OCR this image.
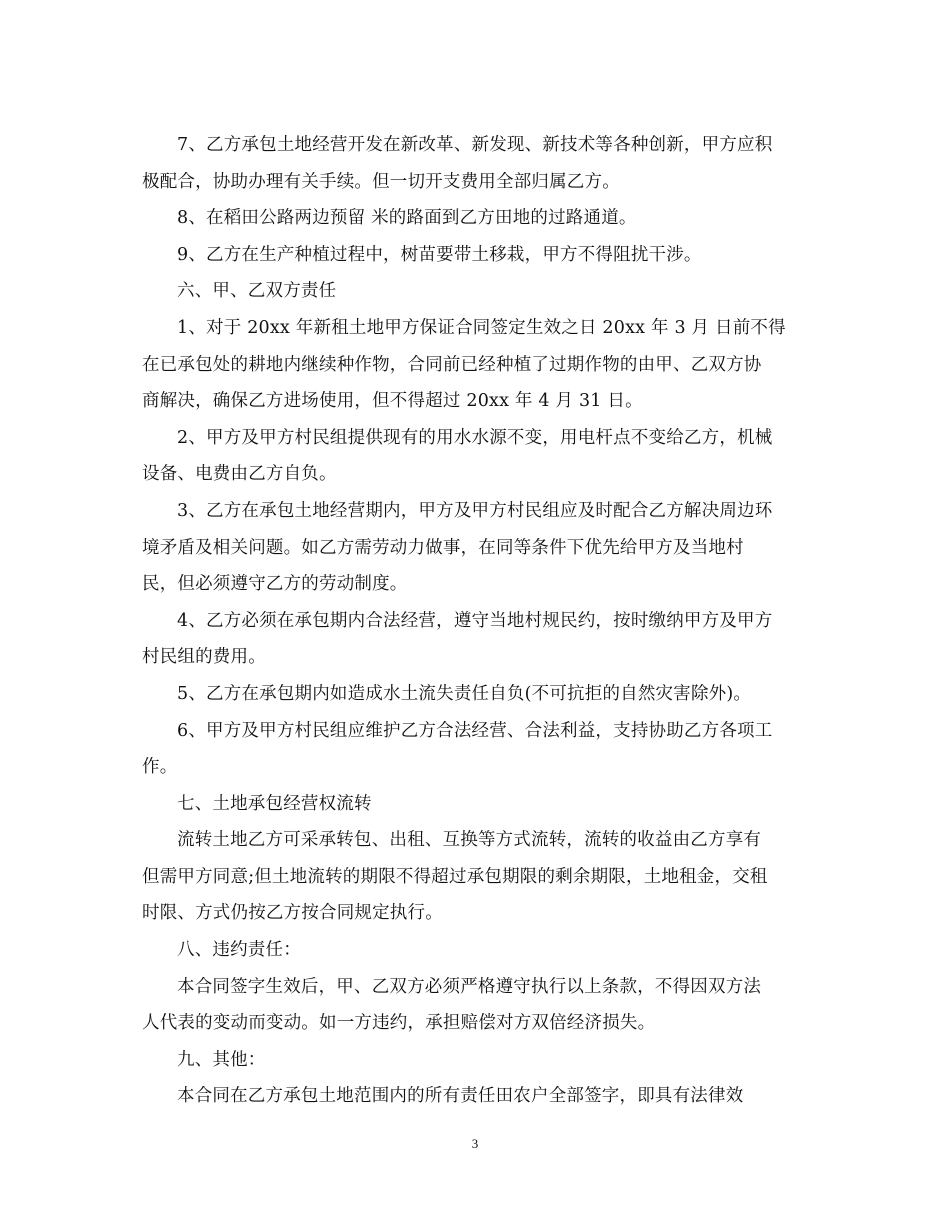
7、乙方承包土地经营开发在新改革、新发现、新技术等各种创新，甲方应积
极配合，协助办理有关手续。但一切开支费用全部归属乙方。
8、在稻田公路两边预留 米的路面到乙方田地的过路通道。
9、乙方在生产种植过程中，树苗要带土移栽，甲方不得阻扰干涉。
六、甲、乙双方责任
1、对于 20xx 年新租土地甲方保证合同签定生效之日 20xx 年 3 月 日前不得
在已承包处的耕地内继续种作物，合同前已经种植了过期作物的由甲、乙双方协
商解决，确保乙方进场使用，但不得超过 20xx 年 4 月 31 日。
2、甲方及甲方村民组提供现有的用水水源不变，用电杆点不变给乙方，机械
设备、电费由乙方自负。
3、乙方在承包土地经营期内，甲方及甲方村民组应及时配合乙方解决周边环
境矛盾及相关问题。如乙方需劳动力做事，在同等条件下优先给甲方及当地村
民，但必须遵守乙方的劳动制度。
4、乙方必须在承包期内合法经营，遵守当地村规民约，按时缴纳甲方及甲方
村民组的费用。
5、乙方在承包期内如造成水土流失责任自负(不可抗拒的自然灾害除外)。
6、甲方及甲方村民组应维护乙方合法经营、合法利益，支持协助乙方各项工
作。
七、土地承包经营权流转
流转土地乙方可采承转包、出租、互换等方式流转，流转的收益由乙方享有
但需甲方同意;但土地流转的期限不得超过承包期限的剩余期限，土地租金，交租
时限、方式仍按乙方按合同规定执行。
八、违约责任：
本合同签字生效后，甲、乙双方必须严格遵守执行以上条款，不得因双方法
人代表的变动而变动。如一方违约，承担赔偿对方双倍经济损失。
九、其他：
本合同在乙方承包土地范围内的所有责任田农户全部签字，即具有法律效
3
